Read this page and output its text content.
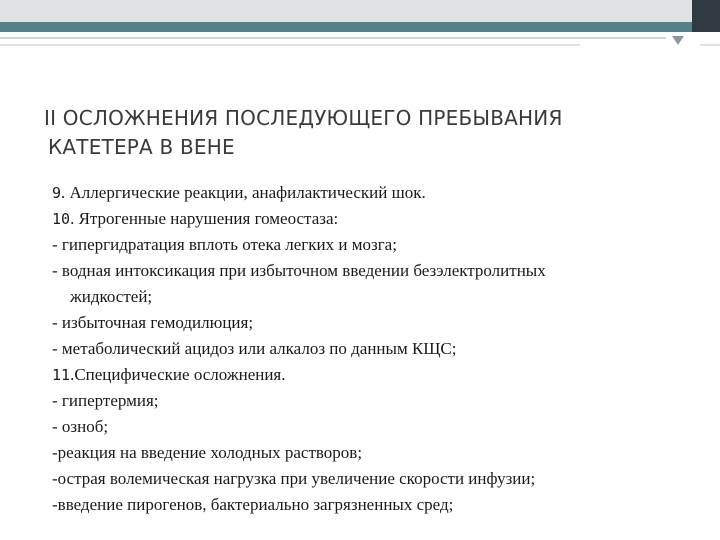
II ОСЛОЖНЕНИЯ ПОСЛЕДУЮЩЕГО ПРЕБЫВАНИЯ
КАТЕТЕРА В ВЕНЕ
9. Аллергические реакции, анафилактический шок.
10. Ятрогенные нарушения гомеостаза:
- гипергидратация вплоть отека легких и мозга;
- водная интоксикация при избыточном введении безэлектролитных
жидкостей;
- избыточная гемодилюция;
- метаболический ацидоз или алкалоз по данным КЩС;
11.Специфические осложнения.
- гипертермия;
- озноб;
-реакция на введение холодных растворов;
-острая волемическая нагрузка при увеличение скорости инфузии;
-введение пирогенов, бактериально загрязненных сред;
